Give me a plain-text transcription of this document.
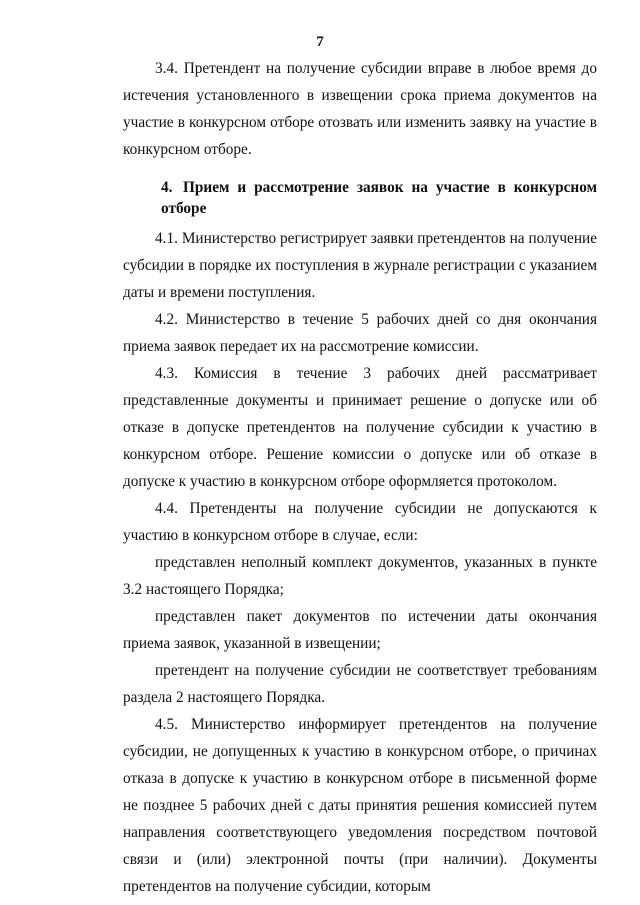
7

3.4. Претендент на получение субсидии вправе в любое время до истечения установленного в извещении срока приема документов на участие в конкурсном отборе отозвать или изменить заявку на участие в конкурсном отборе.

4. Прием и рассмотрение заявок на участие в конкурсном отборе

4.1. Министерство регистрирует заявки претендентов на получение субсидии в порядке их поступления в журнале регистрации с указанием даты и времени поступления.

4.2. Министерство в течение 5 рабочих дней со дня окончания приема заявок передает их на рассмотрение комиссии.

4.3. Комиссия в течение 3 рабочих дней рассматривает представленные документы и принимает решение о допуске или об отказе в допуске претендентов на получение субсидии к участию в конкурсном отборе. Решение комиссии о допуске или об отказе в допуске к участию в конкурсном отборе оформляется протоколом.

4.4. Претенденты на получение субсидии не допускаются к участию в конкурсном отборе в случае, если:

представлен неполный комплект документов, указанных в пункте 3.2 настоящего Порядка;

представлен пакет документов по истечении даты окончания приема заявок, указанной в извещении;

претендент на получение субсидии не соответствует требованиям раздела 2 настоящего Порядка.

4.5. Министерство информирует претендентов на получение субсидии, не допущенных к участию в конкурсном отборе, о причинах отказа в допуске к участию в конкурсном отборе в письменной форме не позднее 5 рабочих дней с даты принятия решения комиссией путем направления соответствующего уведомления посредством почтовой связи и (или) электронной почты (при наличии). Документы претендентов на получение субсидии, которым
